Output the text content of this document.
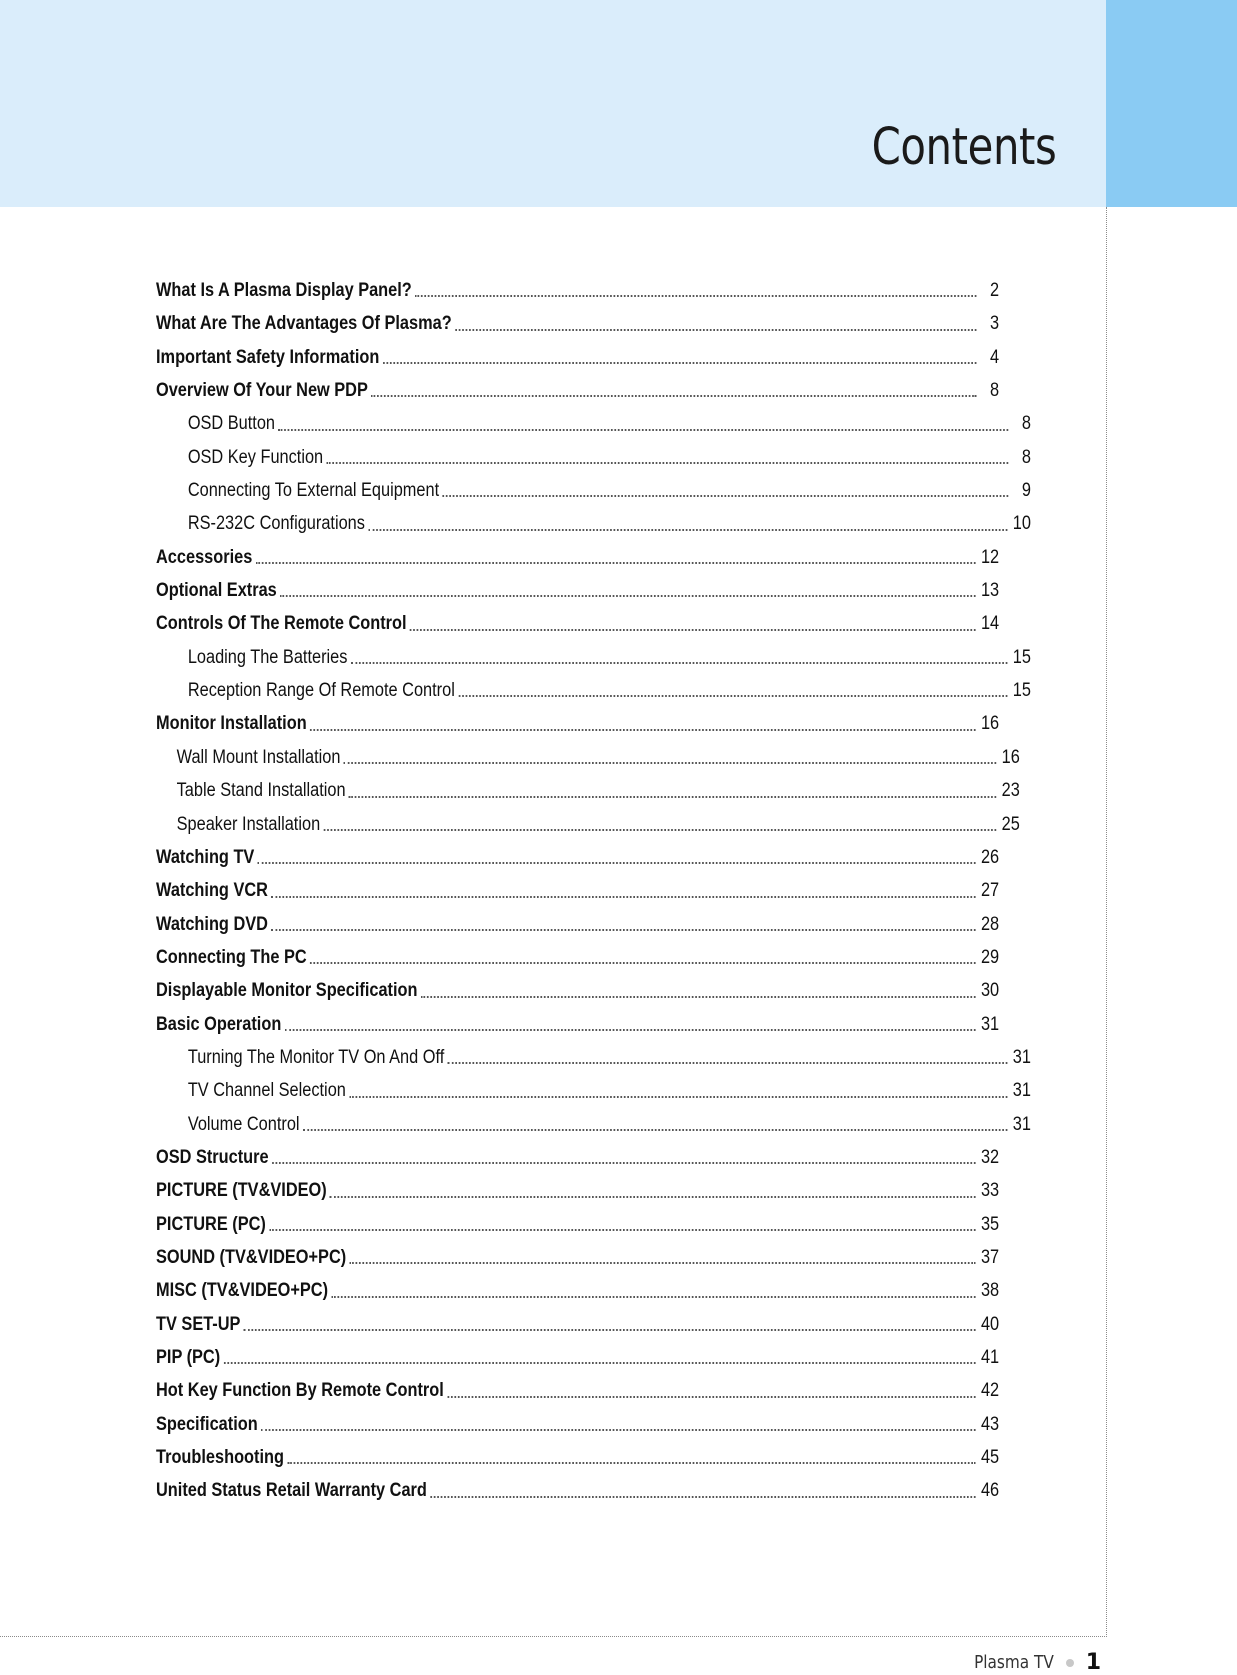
Contents
What Is A Plasma Display Panel?	2
What Are The Advantages Of Plasma?	3
Important Safety Information	4
Overview Of Your New PDP	8
OSD Button	8
OSD Key Function	8
Connecting To External Equipment	9
RS-232C Configurations	10
Accessories	12
Optional Extras	13
Controls Of The Remote Control	14
Loading The Batteries	15
Reception Range Of Remote Control	15
Monitor Installation	16
Wall Mount Installation	16
Table Stand Installation	23
Speaker Installation	25
Watching TV	26
Watching VCR	27
Watching DVD	28
Connecting The PC	29
Displayable Monitor Specification	30
Basic Operation	31
Turning The Monitor TV On And Off	31
TV Channel Selection	31
Volume Control	31
OSD Structure	32
PICTURE (TV&VIDEO)	33
PICTURE (PC)	35
SOUND (TV&VIDEO+PC)	37
MISC (TV&VIDEO+PC)	38
TV SET-UP	40
PIP (PC)	41
Hot Key Function By Remote Control	42
Specification	43
Troubleshooting	45
United Status Retail Warranty Card	46
Plasma TV 1
